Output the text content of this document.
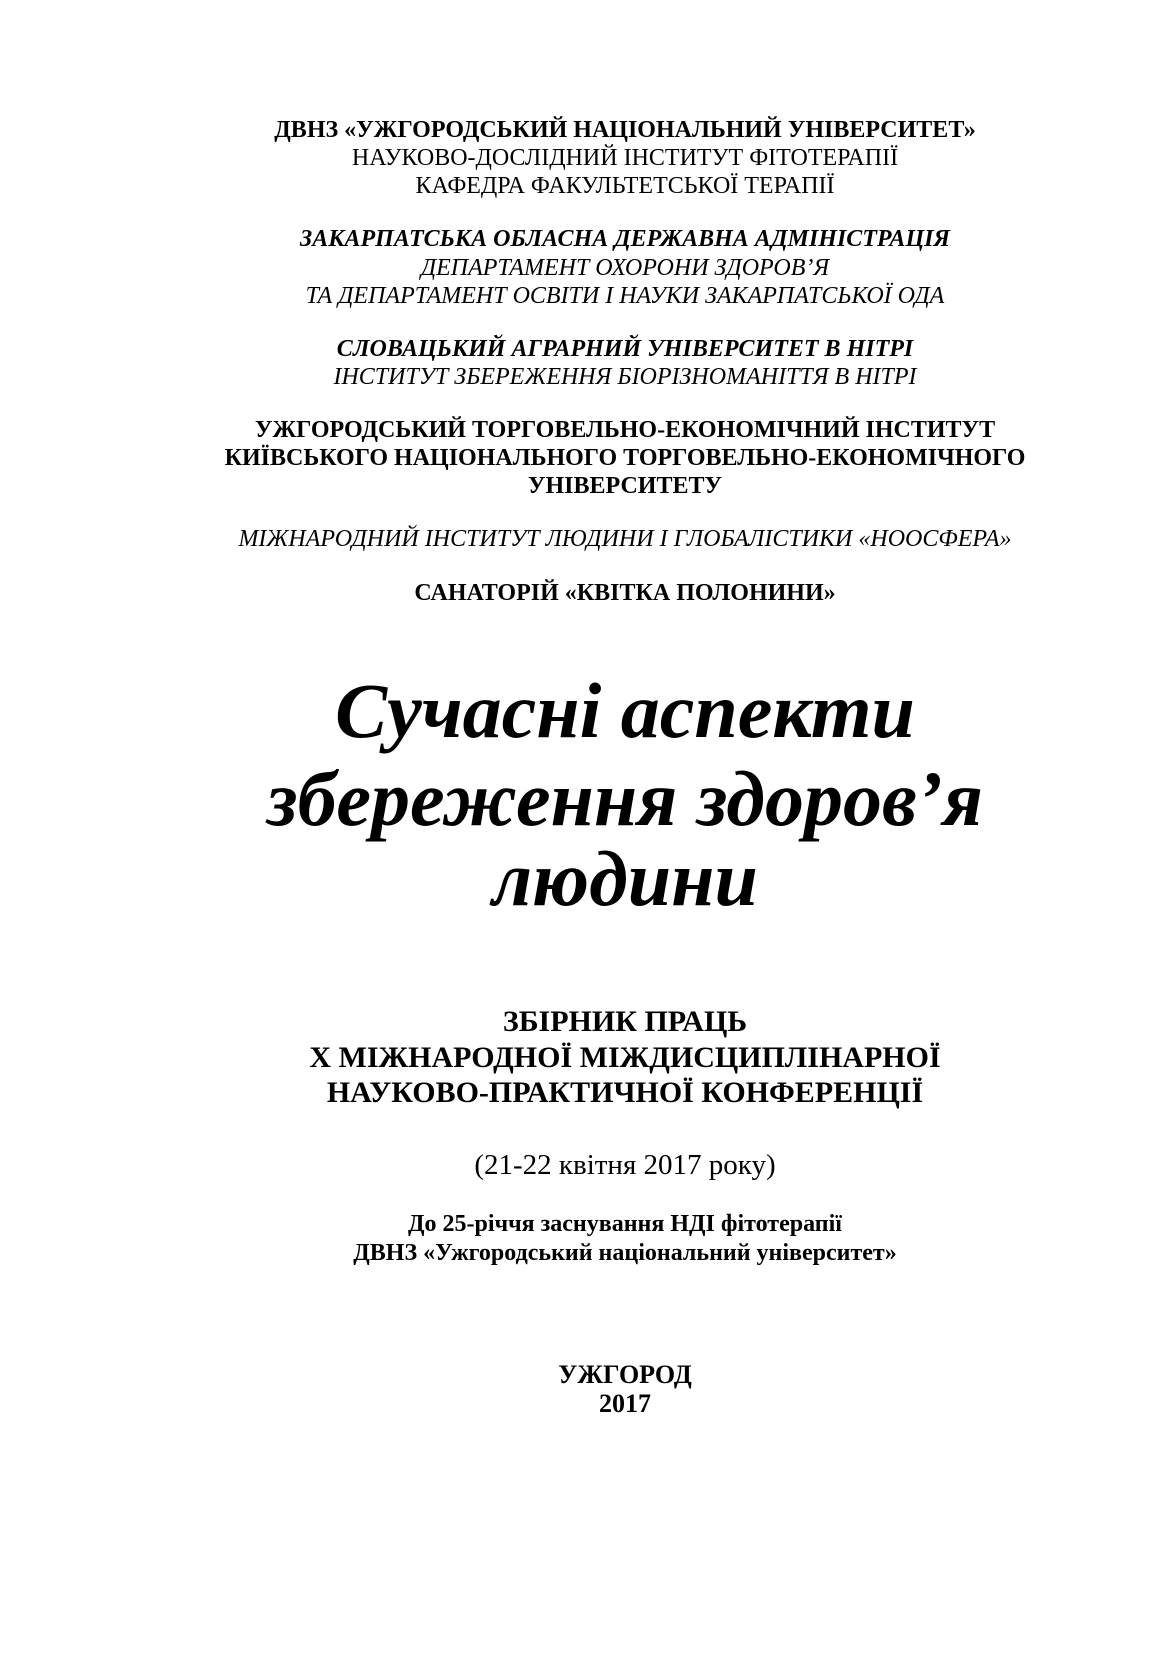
ДВНЗ «УЖГОРОДСЬКИЙ НАЦІОНАЛЬНИЙ УНІВЕРСИТЕТ»
НАУКОВО-ДОСЛІДНИЙ ІНСТИТУТ ФІТОТЕРАПІЇ
КАФЕДРА ФАКУЛЬТЕТСЬКОЇ ТЕРАПІЇ
ЗАКАРПАТСЬКА ОБЛАСНА ДЕРЖАВНА АДМІНІСТРАЦІЯ
ДЕПАРТАМЕНТ ОХОРОНИ ЗДОРОВ’Я
ТА ДЕПАРТАМЕНТ ОСВІТИ І НАУКИ ЗАКАРПАТСЬКОЇ ОДА
СЛОВАЦЬКИЙ АГРАРНИЙ УНІВЕРСИТЕТ В НІТРІ
ІНСТИТУТ ЗБЕРЕЖЕННЯ БІОРІЗНОМАНІТТЯ В НІТРІ
УЖГОРОДСЬКИЙ ТОРГОВЕЛЬНО-ЕКОНОМІЧНИЙ ІНСТИТУТ
КИЇВСЬКОГО НАЦІОНАЛЬНОГО ТОРГОВЕЛЬНО-ЕКОНОМІЧНОГО
УНІВЕРСИТЕТУ
МІЖНАРОДНИЙ ІНСТИТУТ ЛЮДИНИ І ГЛОБАЛІСТИКИ «НООСФЕРА»
САНАТОРІЙ «КВІТКА ПОЛОНИНИ»
Сучасні аспекти
збереження здоров’я
людини
ЗБІРНИК ПРАЦЬ
Х МІЖНАРОДНОЇ МІЖДИСЦИПЛІНАРНОЇ
НАУКОВО-ПРАКТИЧНОЇ КОНФЕРЕНЦІЇ
(21-22 квітня 2017 року)
До 25-річчя заснування НДІ фітотерапії
ДВНЗ «Ужгородський національний університет»
УЖГОРОД
2017
